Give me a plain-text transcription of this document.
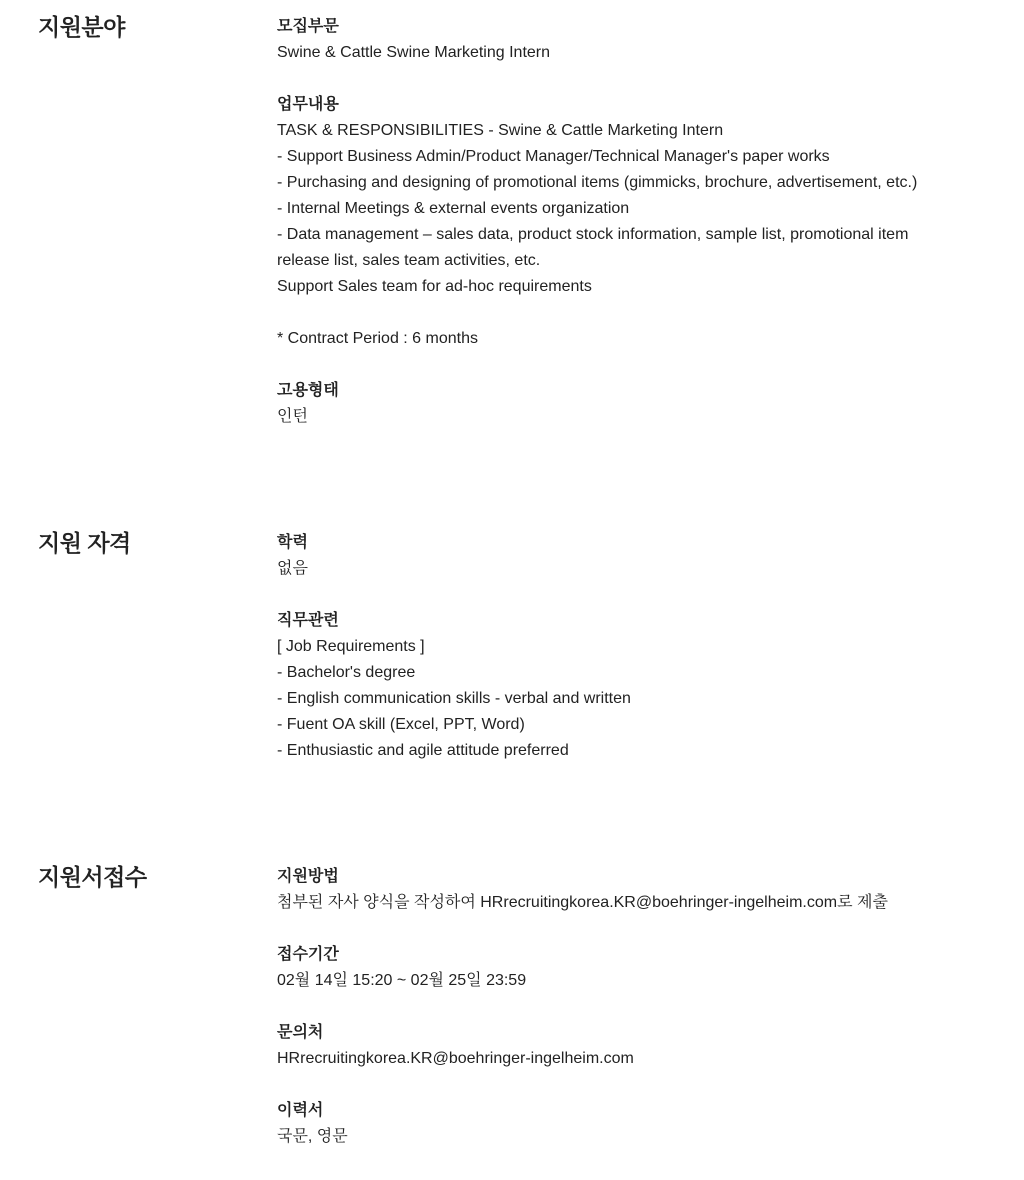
지원분야	모집부문
Swine & Cattle Swine Marketing Intern
업무내용
TASK & RESPONSIBILITIES - Swine & Cattle Marketing Intern
- Support Business Admin/Product Manager/Technical Manager's paper works
- Purchasing and designing of promotional items (gimmicks, brochure, advertisement, etc.)
- Internal Meetings & external events organization
- Data management – sales data, product stock information, sample list, promotional item release list, sales team activities, etc.
Support Sales team for ad-hoc requirements
* Contract Period : 6 months
고용형태
인턴
지원 자격	학력
없음
직무관련
[ Job Requirements ]
- Bachelor's degree
- English communication skills - verbal and written
- Fuent OA skill (Excel, PPT, Word)
- Enthusiastic and agile attitude preferred
지원서접수	지원방법
첨부된 자사 양식을 작성하여 HRrecruitingkorea.KR@boehringer-ingelheim.com로 제출
접수기간
02월 14일 15:20 ~ 02월 25일 23:59
문의처
HRrecruitingkorea.KR@boehringer-ingelheim.com
이력서
국문, 영문
